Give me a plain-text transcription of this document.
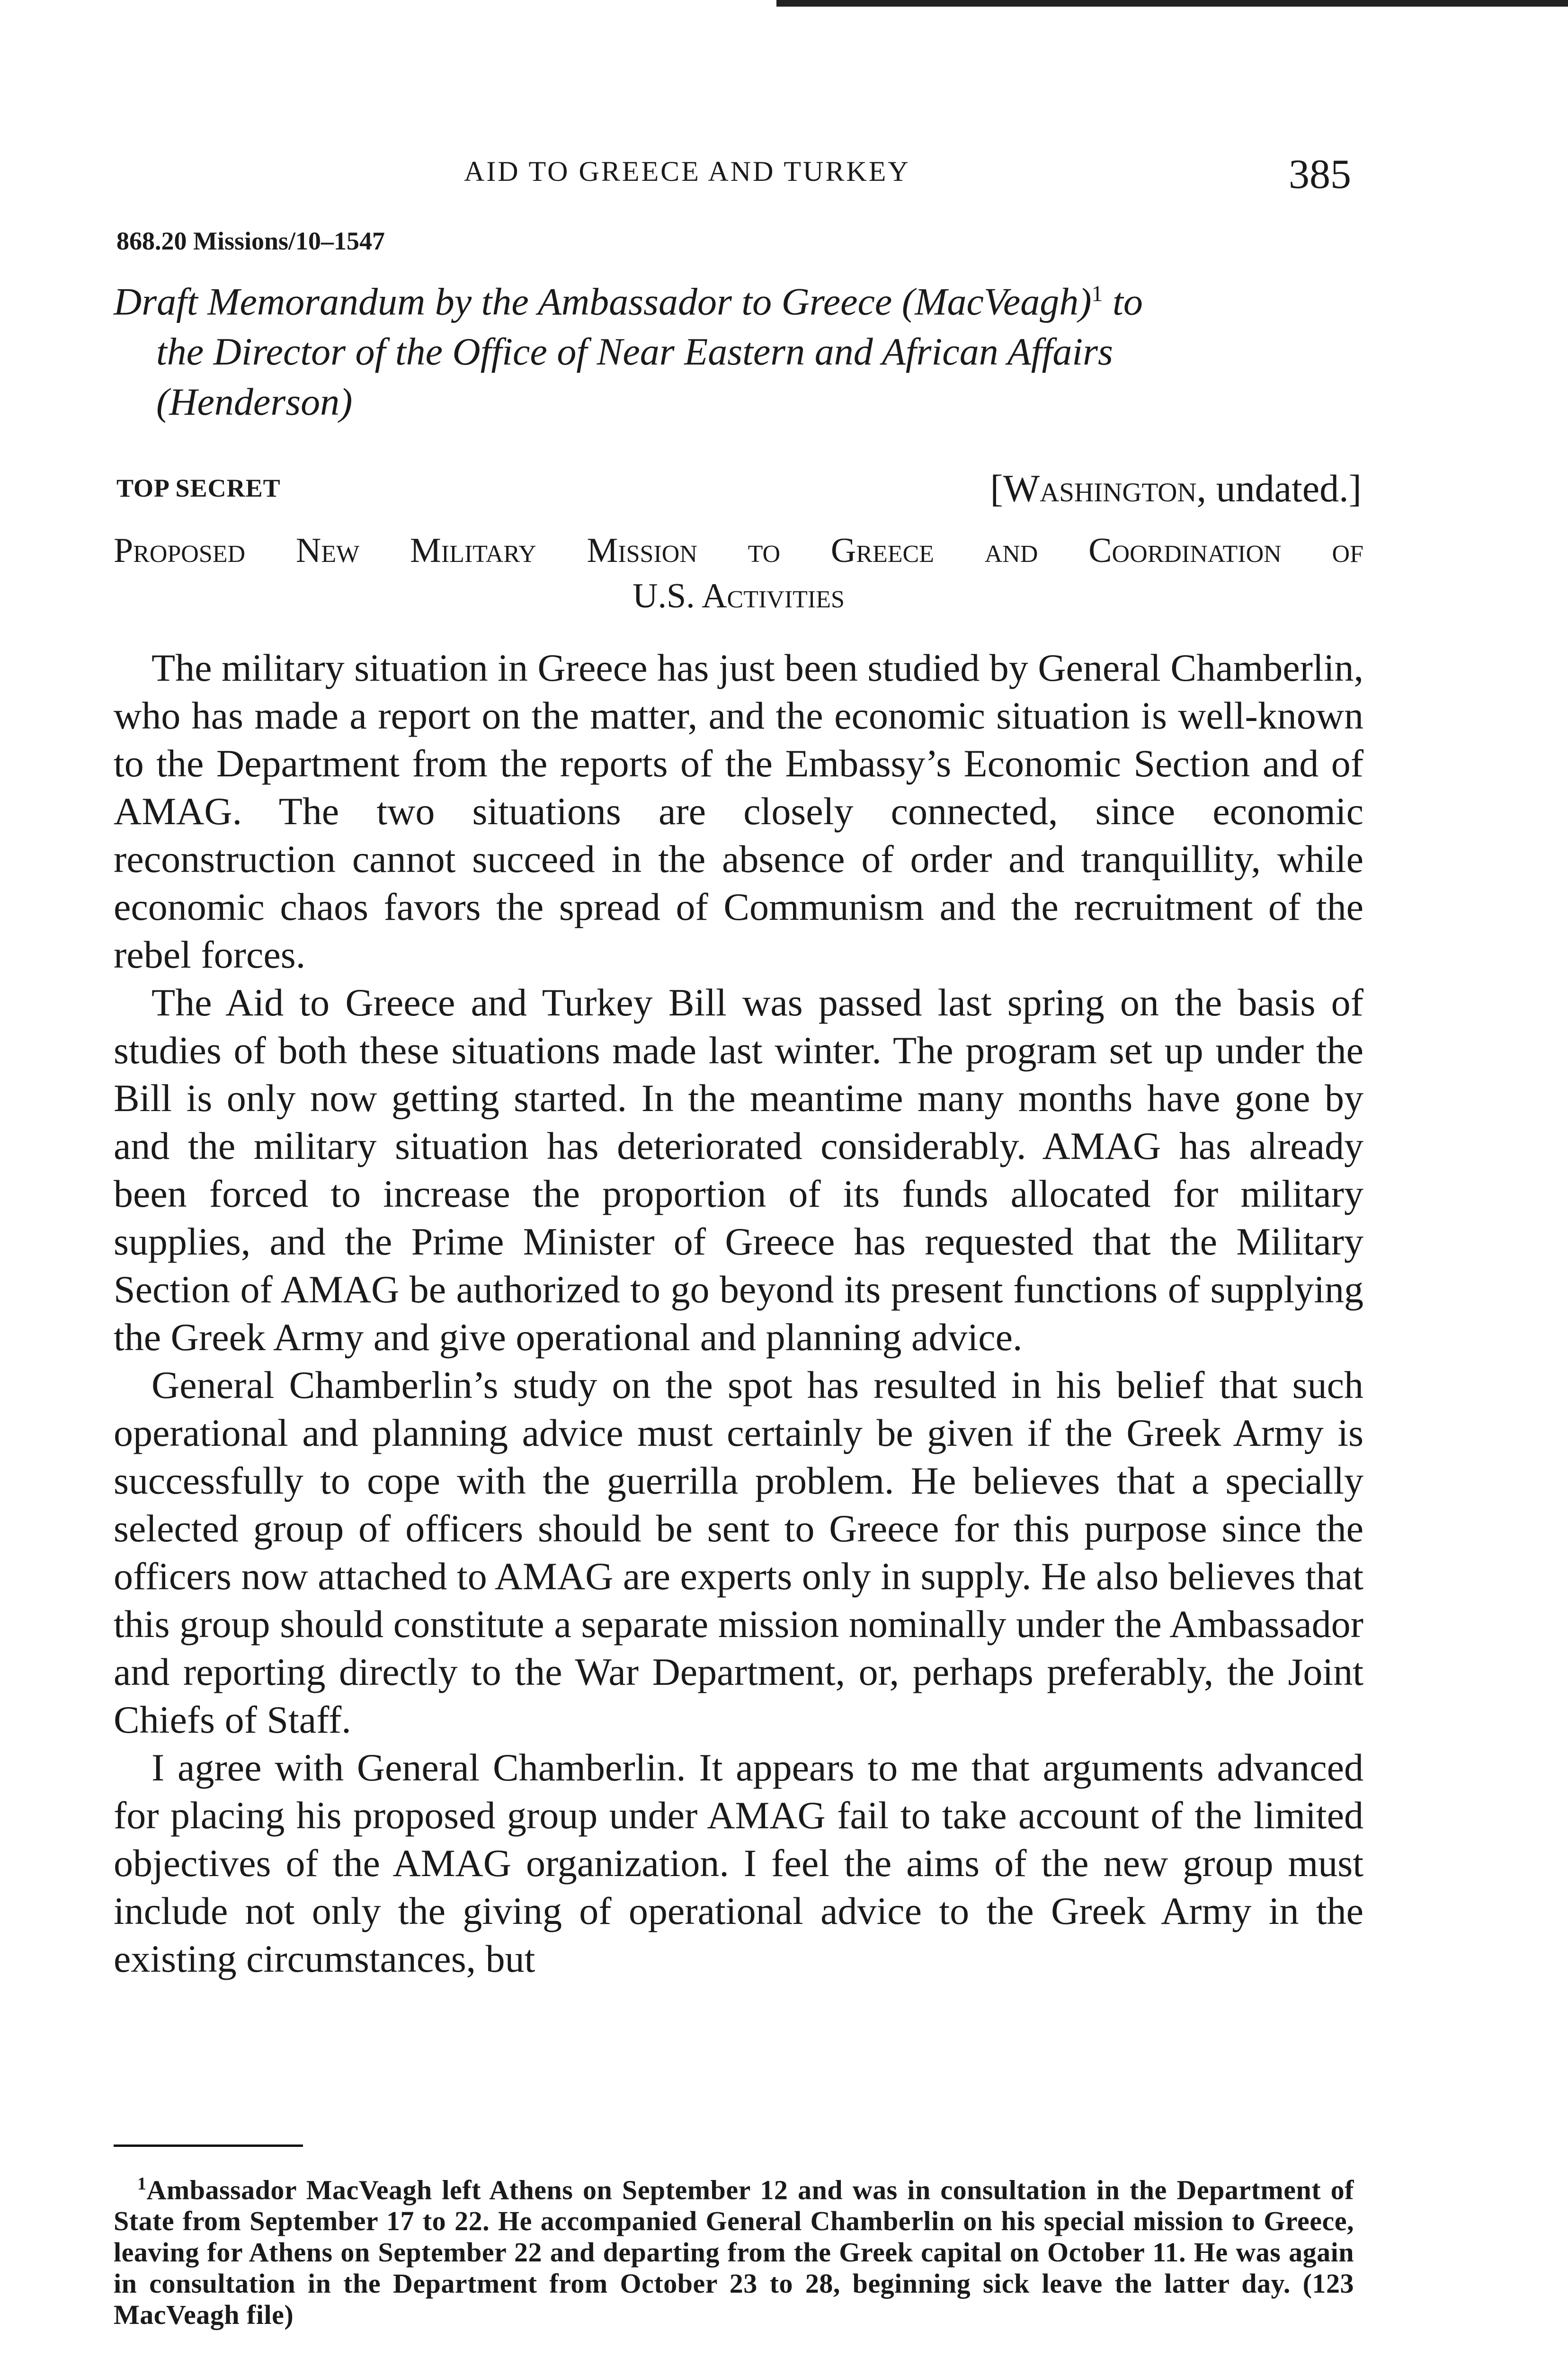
AID TO GREECE AND TURKEY	385
868.20 Missions/10–1547
Draft Memorandum by the Ambassador to Greece (MacVeagh)$^1$ to
the Director of the Office of Near Eastern and African Affairs
(Henderson)
TOP SECRET	[Washington, undated.]
Proposed New Military Mission to Greece and Coordination of
U.S. Activities

The military situation in Greece has just been studied by General Chamberlin, who has made a report on the matter, and the economic situation is well-known to the Department from the reports of the Embassy’s Economic Section and of AMAG. The two situations are closely connected, since economic reconstruction cannot succeed in the absence of order and tranquillity, while economic chaos favors the spread of Communism and the recruitment of the rebel forces.

The Aid to Greece and Turkey Bill was passed last spring on the basis of studies of both these situations made last winter. The program set up under the Bill is only now getting started. In the meantime many months have gone by and the military situation has deteriorated considerably. AMAG has already been forced to increase the proportion of its funds allocated for military supplies, and the Prime Minister of Greece has requested that the Military Section of AMAG be authorized to go beyond its present functions of supplying the Greek Army and give operational and planning advice.

General Chamberlin’s study on the spot has resulted in his belief that such operational and planning advice must certainly be given if the Greek Army is successfully to cope with the guerrilla problem. He believes that a specially selected group of officers should be sent to Greece for this purpose since the officers now attached to AMAG are experts only in supply. He also believes that this group should constitute a separate mission nominally under the Ambassador and reporting directly to the War Department, or, perhaps preferably, the Joint Chiefs of Staff.

I agree with General Chamberlin. It appears to me that arguments advanced for placing his proposed group under AMAG fail to take account of the limited objectives of the AMAG organization. I feel the aims of the new group must include not only the giving of operational advice to the Greek Army in the existing circumstances, but

$^1$Ambassador MacVeagh left Athens on September 12 and was in consultation in the Department of State from September 17 to 22. He accompanied General Chamberlin on his special mission to Greece, leaving for Athens on September 22 and departing from the Greek capital on October 11. He was again in consultation in the Department from October 23 to 28, beginning sick leave the latter day. (123 MacVeagh file)
